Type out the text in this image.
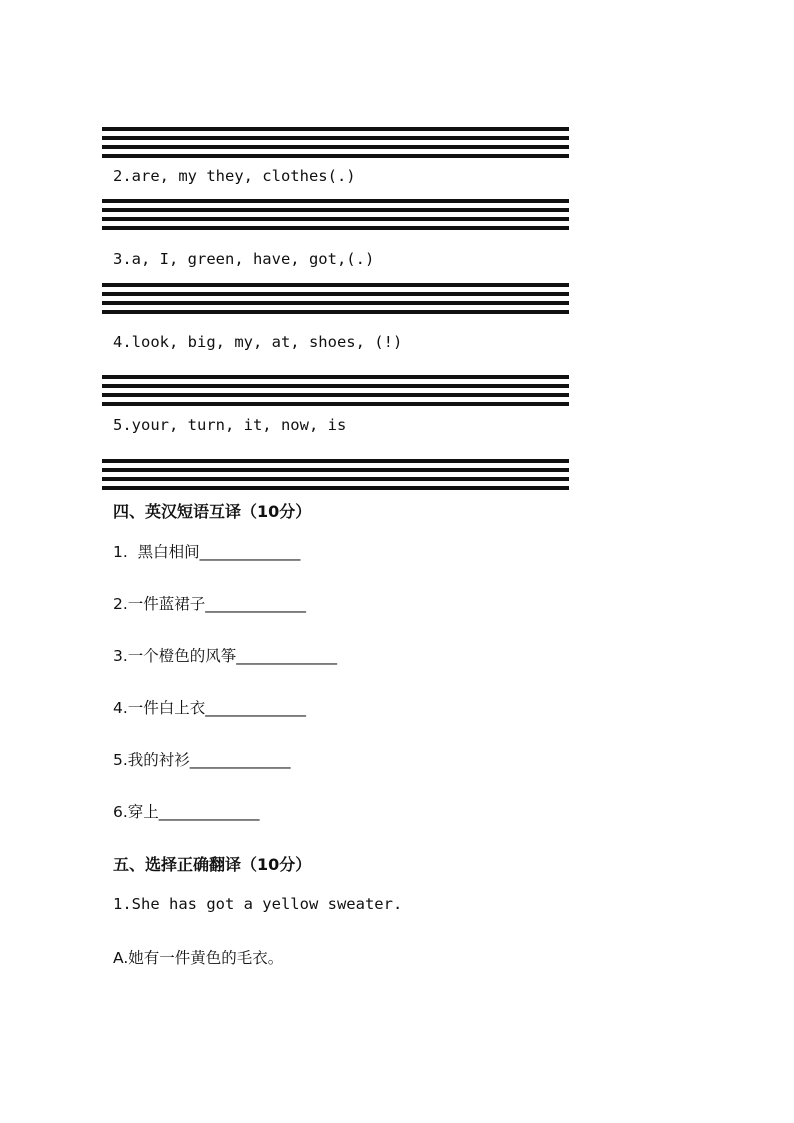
2.are, my they, clothes(.)
3.a, I, green, have, got,(.)
4.look, big, my, at, shoes, (!)
5.your, turn, it, now, is
四、英汉短语互译（10分）
1.  黑白相间_____________
2.一件蓝裙子_____________
3.一个橙色的风筝_____________
4.一件白上衣_____________
5.我的衬衫_____________
6.穿上_____________
五、选择正确翻译（10分）
1.She has got a yellow sweater.
A.她有一件黄色的毛衣。
